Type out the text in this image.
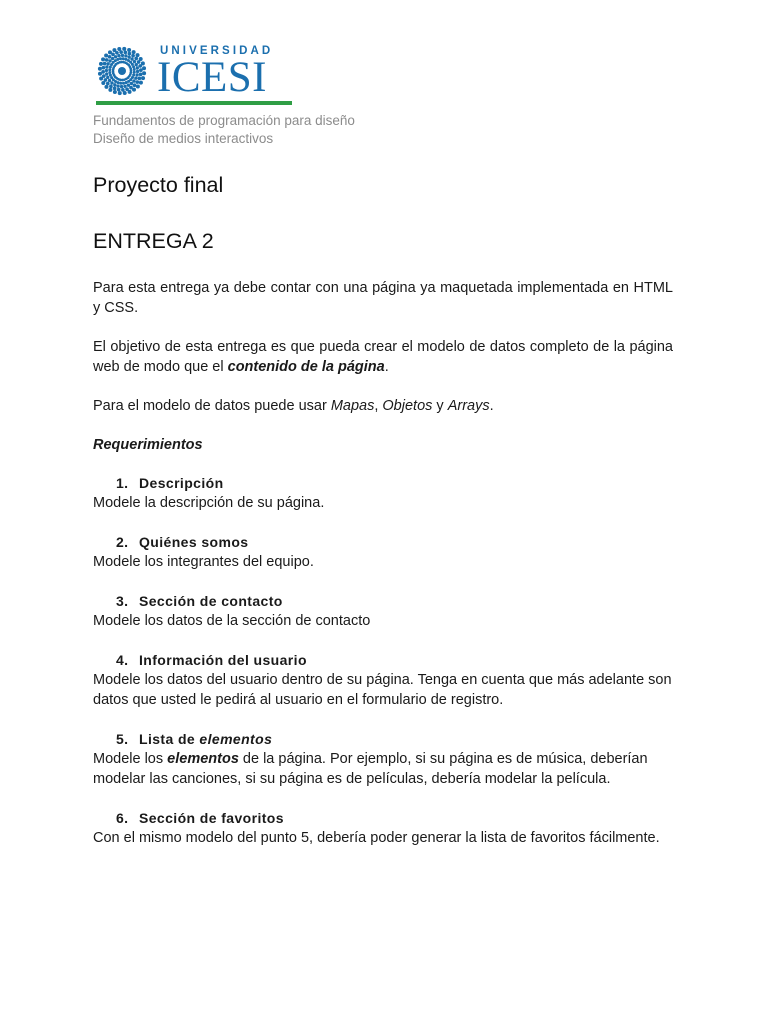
UNIVERSIDAD
ICESI
Fundamentos de programación para diseño
Diseño de medios interactivos
Proyecto final
ENTREGA 2

Para esta entrega ya debe contar con una página ya maquetada implementada en HTML y CSS.

El objetivo de esta entrega es que pueda crear el modelo de datos completo de la página web de modo que el contenido de la página.

Para el modelo de datos puede usar Mapas, Objetos y Arrays.

Requerimientos
1. Descripción
Modele la descripción de su página.
2. Quiénes somos
Modele los integrantes del equipo.
3. Sección de contacto
Modele los datos de la sección de contacto
4. Información del usuario
Modele los datos del usuario dentro de su página. Tenga en cuenta que más adelante son datos que usted le pedirá al usuario en el formulario de registro.
5. Lista de elementos
Modele los elementos de la página. Por ejemplo, si su página es de música, deberían modelar las canciones, si su página es de películas, debería modelar la película.
6. Sección de favoritos
Con el mismo modelo del punto 5, debería poder generar la lista de favoritos fácilmente.
